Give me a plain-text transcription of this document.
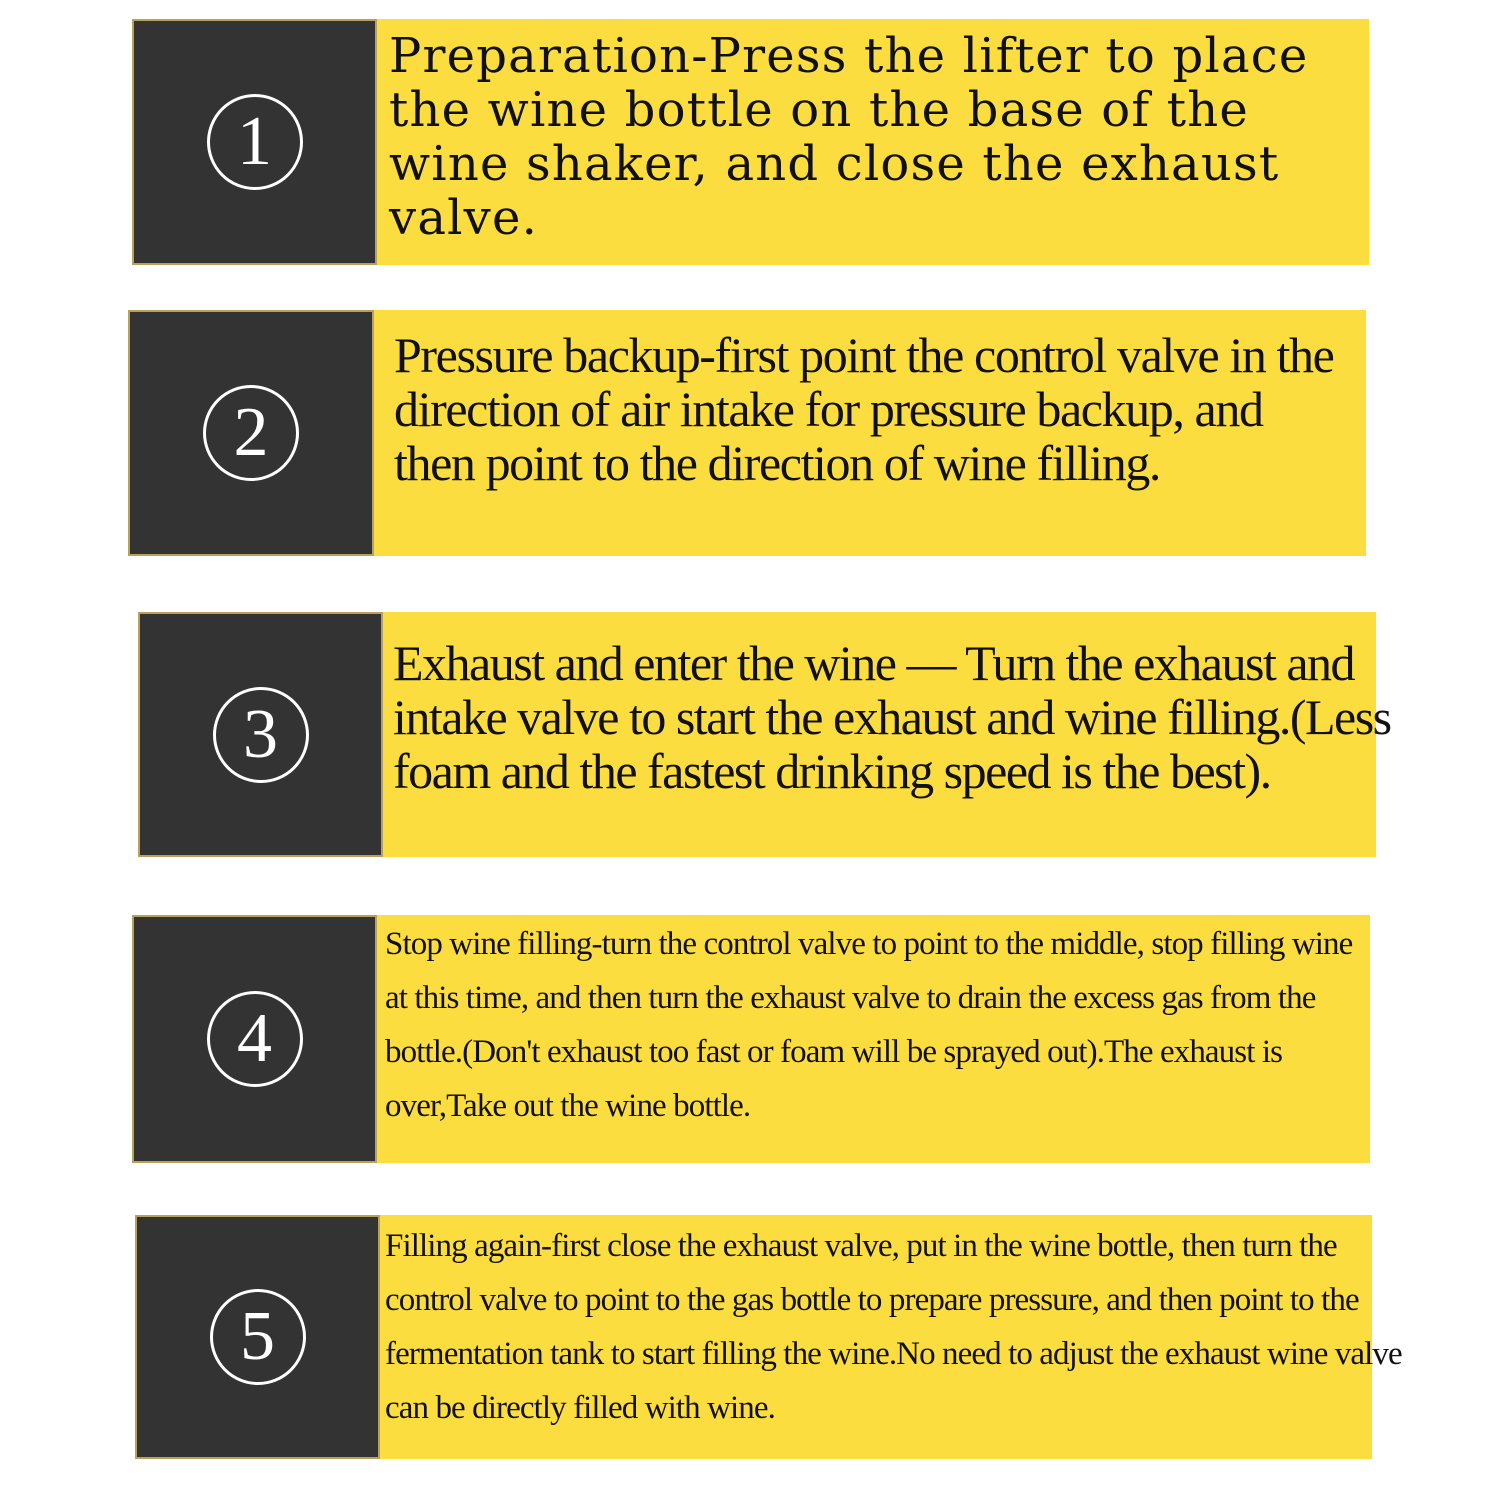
1

Preparation-Press the lifter to place the wine bottle on the base of the wine shaker, and close the exhaust valve.

2

Pressure backup-first point the control valve in the direction of air intake for pressure backup, and then point to the direction of wine filling.

3

Exhaust and enter the wine — Turn the exhaust and intake valve to start the exhaust and wine filling.(Less foam and the fastest drinking speed is the best).

4

Stop wine filling-turn the control valve to point to the middle, stop filling wine at this time, and then turn the exhaust valve to drain the excess gas from the bottle.(Don't exhaust too fast or foam will be sprayed out).The exhaust is over,Take out the wine bottle.

5

Filling again-first close the exhaust valve, put in the wine bottle, then turn the control valve to point to the gas bottle to prepare pressure, and then point to the fermentation tank to start filling the wine.No need to adjust the exhaust wine valve can be directly filled with wine.
